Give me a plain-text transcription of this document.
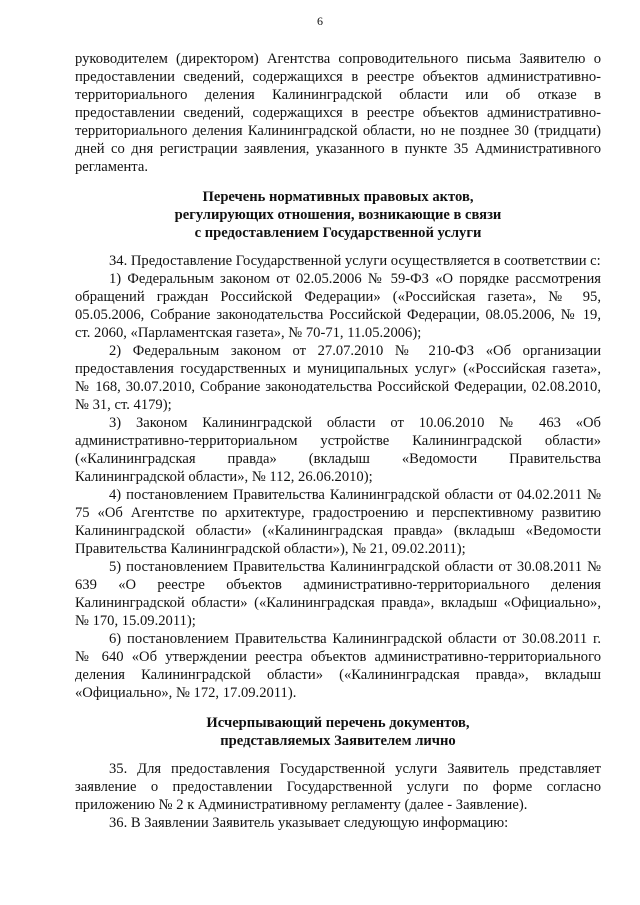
6

руководителем (директором) Агентства сопроводительного письма Заявителю о предоставлении сведений, содержащихся в реестре объектов административно-территориального деления Калининградской области или об отказе в предоставлении сведений, содержащихся в реестре объектов административно-территориального деления Калининградской области, но не позднее 30 (тридцати) дней со дня регистрации заявления, указанного в пункте 35 Административного регламента.

Перечень нормативных правовых актов,

регулирующих отношения, возникающие в связи

с предоставлением Государственной услуги

34. Предоставление Государственной услуги осуществляется в соответствии с:

1) Федеральным законом от 02.05.2006 № 59-ФЗ «О порядке рассмотрения обращений граждан Российской Федерации» («Российская газета», № 95, 05.05.2006, Собрание законодательства Российской Федерации, 08.05.2006, № 19, ст. 2060, «Парламентская газета», № 70-71, 11.05.2006);

2) Федеральным законом от 27.07.2010 № 210-ФЗ «Об организации предоставления государственных и муниципальных услуг» («Российская газета», № 168, 30.07.2010, Собрание законодательства Российской Федерации, 02.08.2010, № 31, ст. 4179);

3) Законом Калининградской области от 10.06.2010 № 463 «Об административно-территориальном устройстве Калининградской области» («Калининградская правда» (вкладыш «Ведомости Правительства Калининградской области», № 112, 26.06.2010);

4) постановлением Правительства Калининградской области от 04.02.2011 № 75 «Об Агентстве по архитектуре, градостроению и перспективному развитию Калининградской области» («Калининградская правда» (вкладыш «Ведомости Правительства Калининградской области»), № 21, 09.02.2011);

5) постановлением Правительства Калининградской области от 30.08.2011 № 639 «О реестре объектов административно-территориального деления Калининградской области» («Калининградская правда», вкладыш «Официально», № 170, 15.09.2011);

6) постановлением Правительства Калининградской области от 30.08.2011 г. № 640 «Об утверждении реестра объектов административно-территориального деления Калининградской области» («Калининградская правда», вкладыш «Официально», № 172, 17.09.2011).

Исчерпывающий перечень документов,

представляемых Заявителем лично

35. Для предоставления Государственной услуги Заявитель представляет заявление о предоставлении Государственной услуги по форме согласно приложению № 2 к Административному регламенту (далее - Заявление).

36. В Заявлении Заявитель указывает следующую информацию:
